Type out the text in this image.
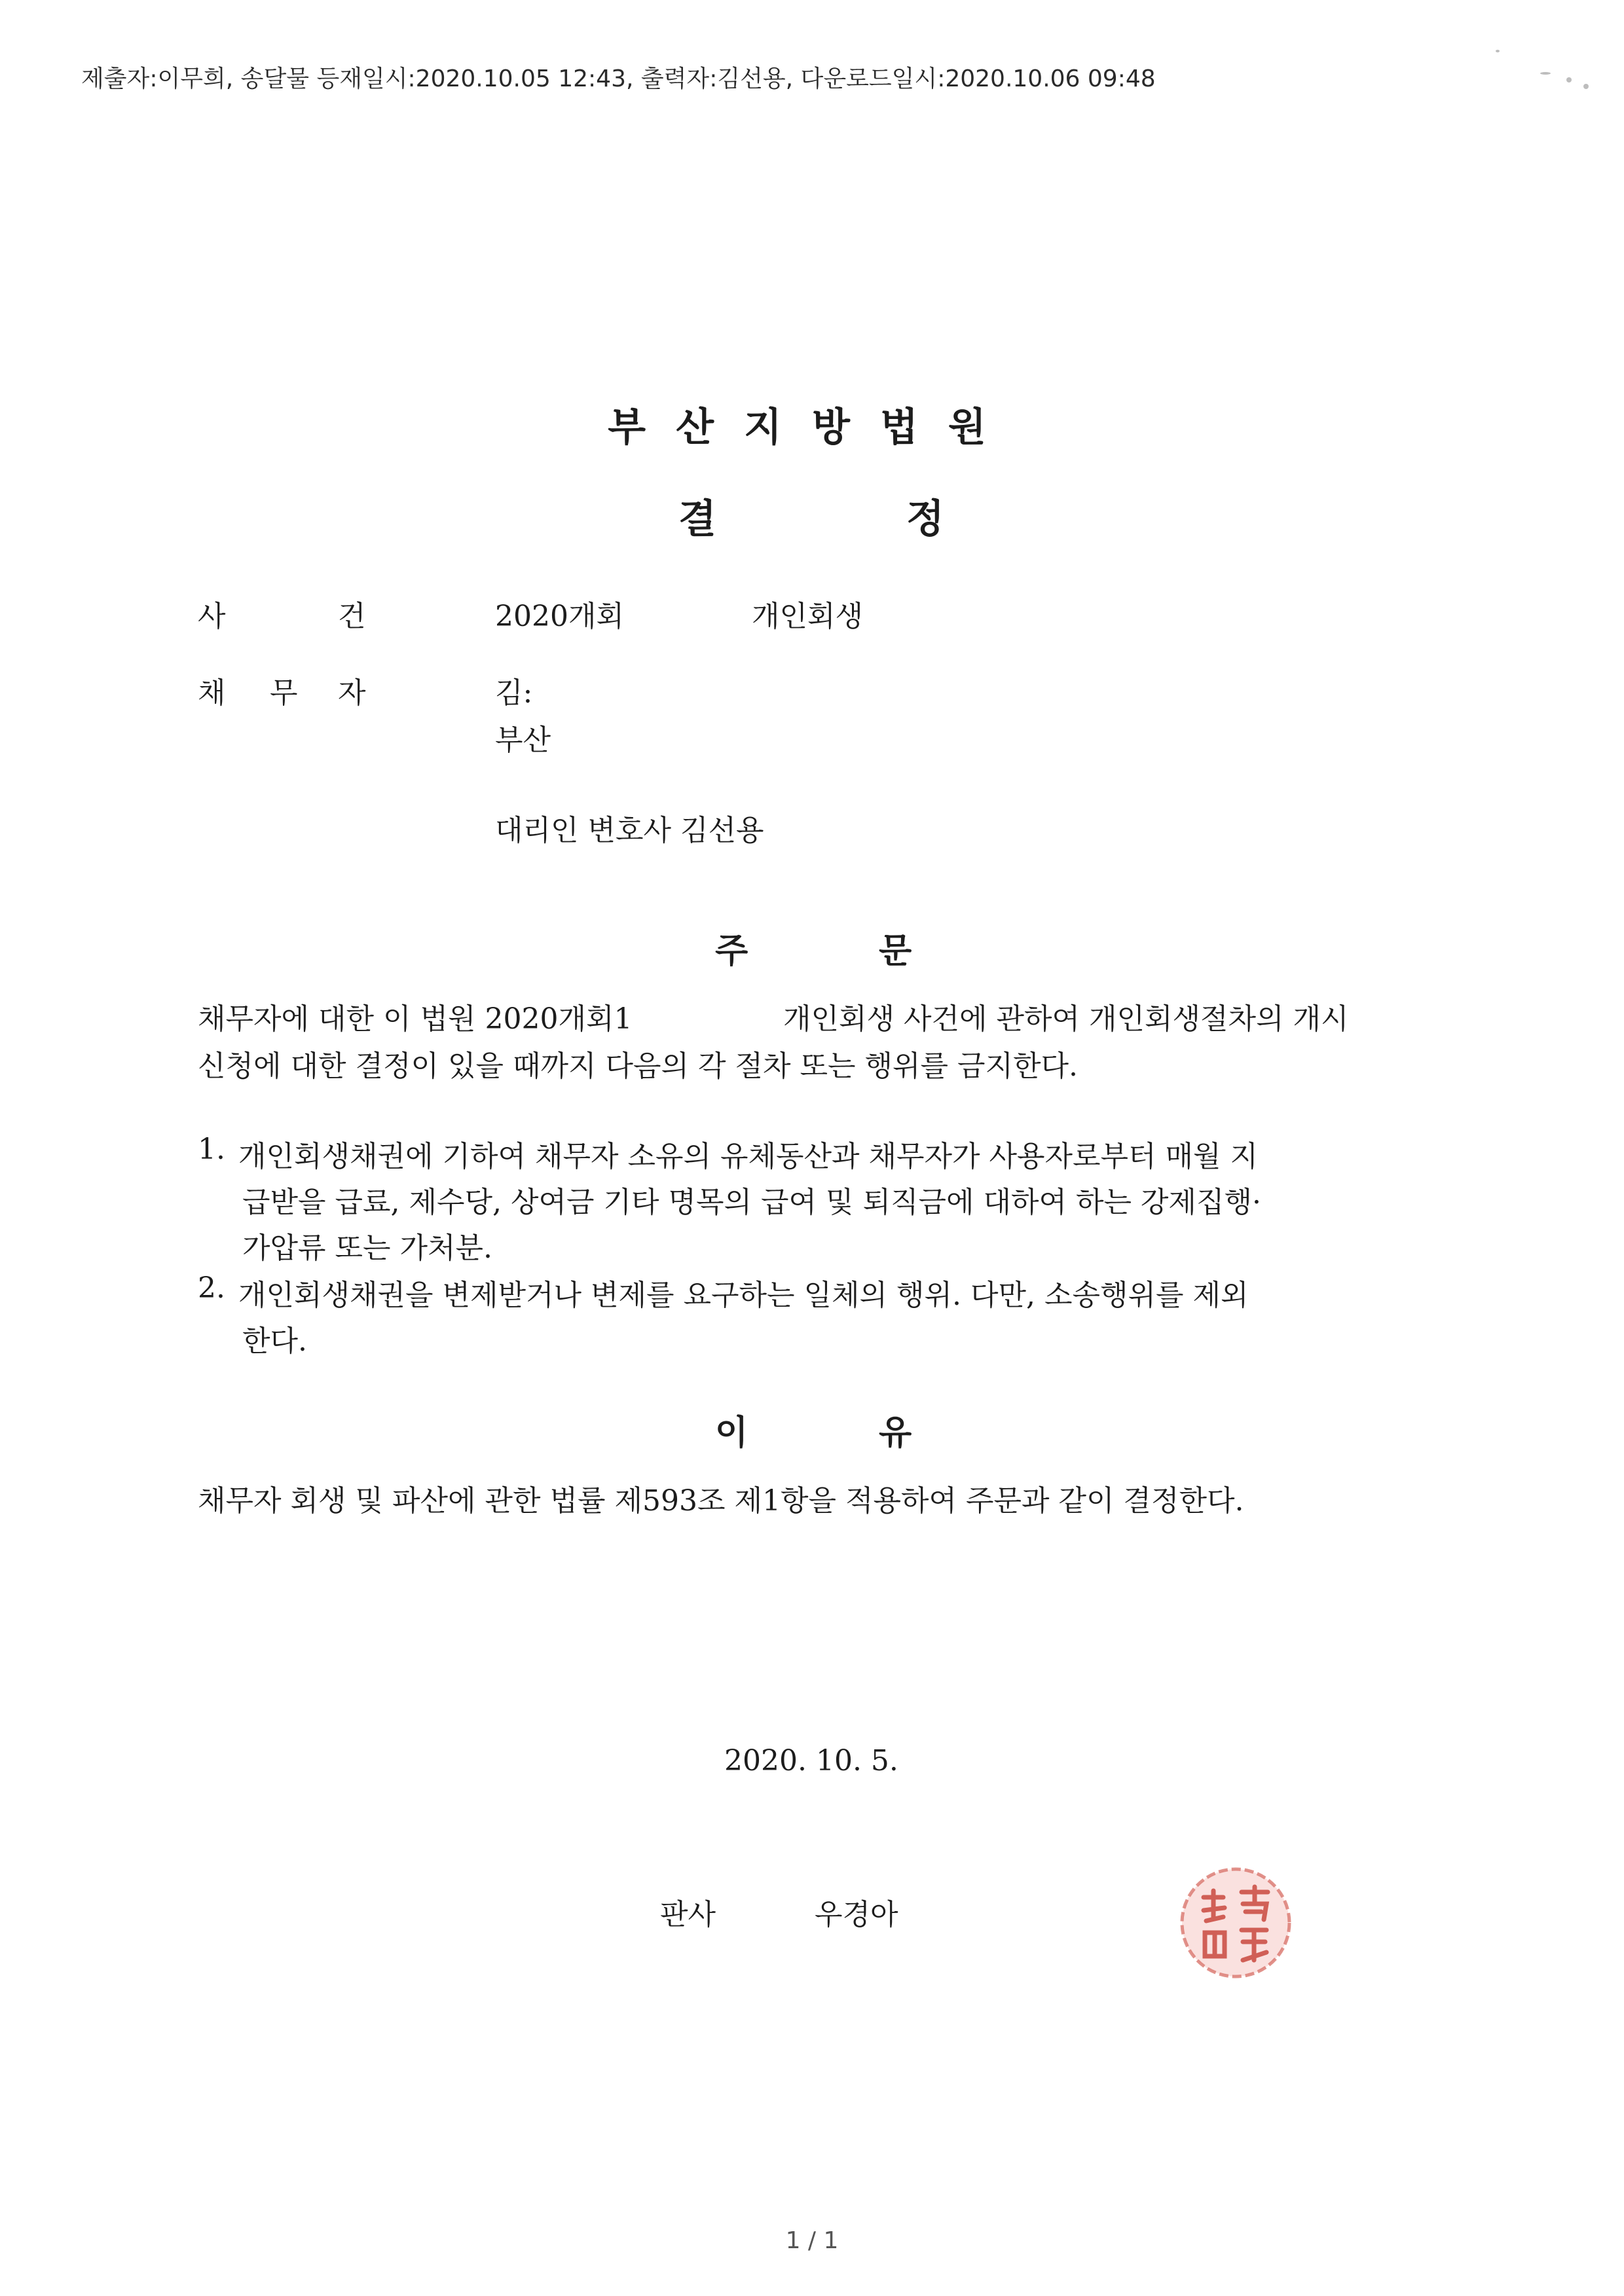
제출자:이무희, 송달물 등재일시:2020.10.05 12:43, 출력자:김선용, 다운로드일시:2020.10.06 09:48
부산지방법원
결	정
사	건	2020개회	개인회생
채 무 자	김:
부산
대리인 변호사 김선용
주	문
채무자에 대한 이 법원 2020개회1	개인회생 사건에 관하여 개인회생절차의 개시
신청에 대한 결정이 있을 때까지 다음의 각 절차 또는 행위를 금지한다.
1. 개인회생채권에 기하여 채무자 소유의 유체동산과 채무자가 사용자로부터 매월 지
급받을 급료, 제수당, 상여금 기타 명목의 급여 및 퇴직금에 대하여 하는 강제집행·
가압류 또는 가처분.
2. 개인회생채권을 변제받거나 변제를 요구하는 일체의 행위. 다만, 소송행위를 제외
한다.
이	유
채무자 회생 및 파산에 관한 법률 제593조 제1항을 적용하여 주문과 같이 결정한다.
2020. 10. 5.
판사	우경아
1 / 1
